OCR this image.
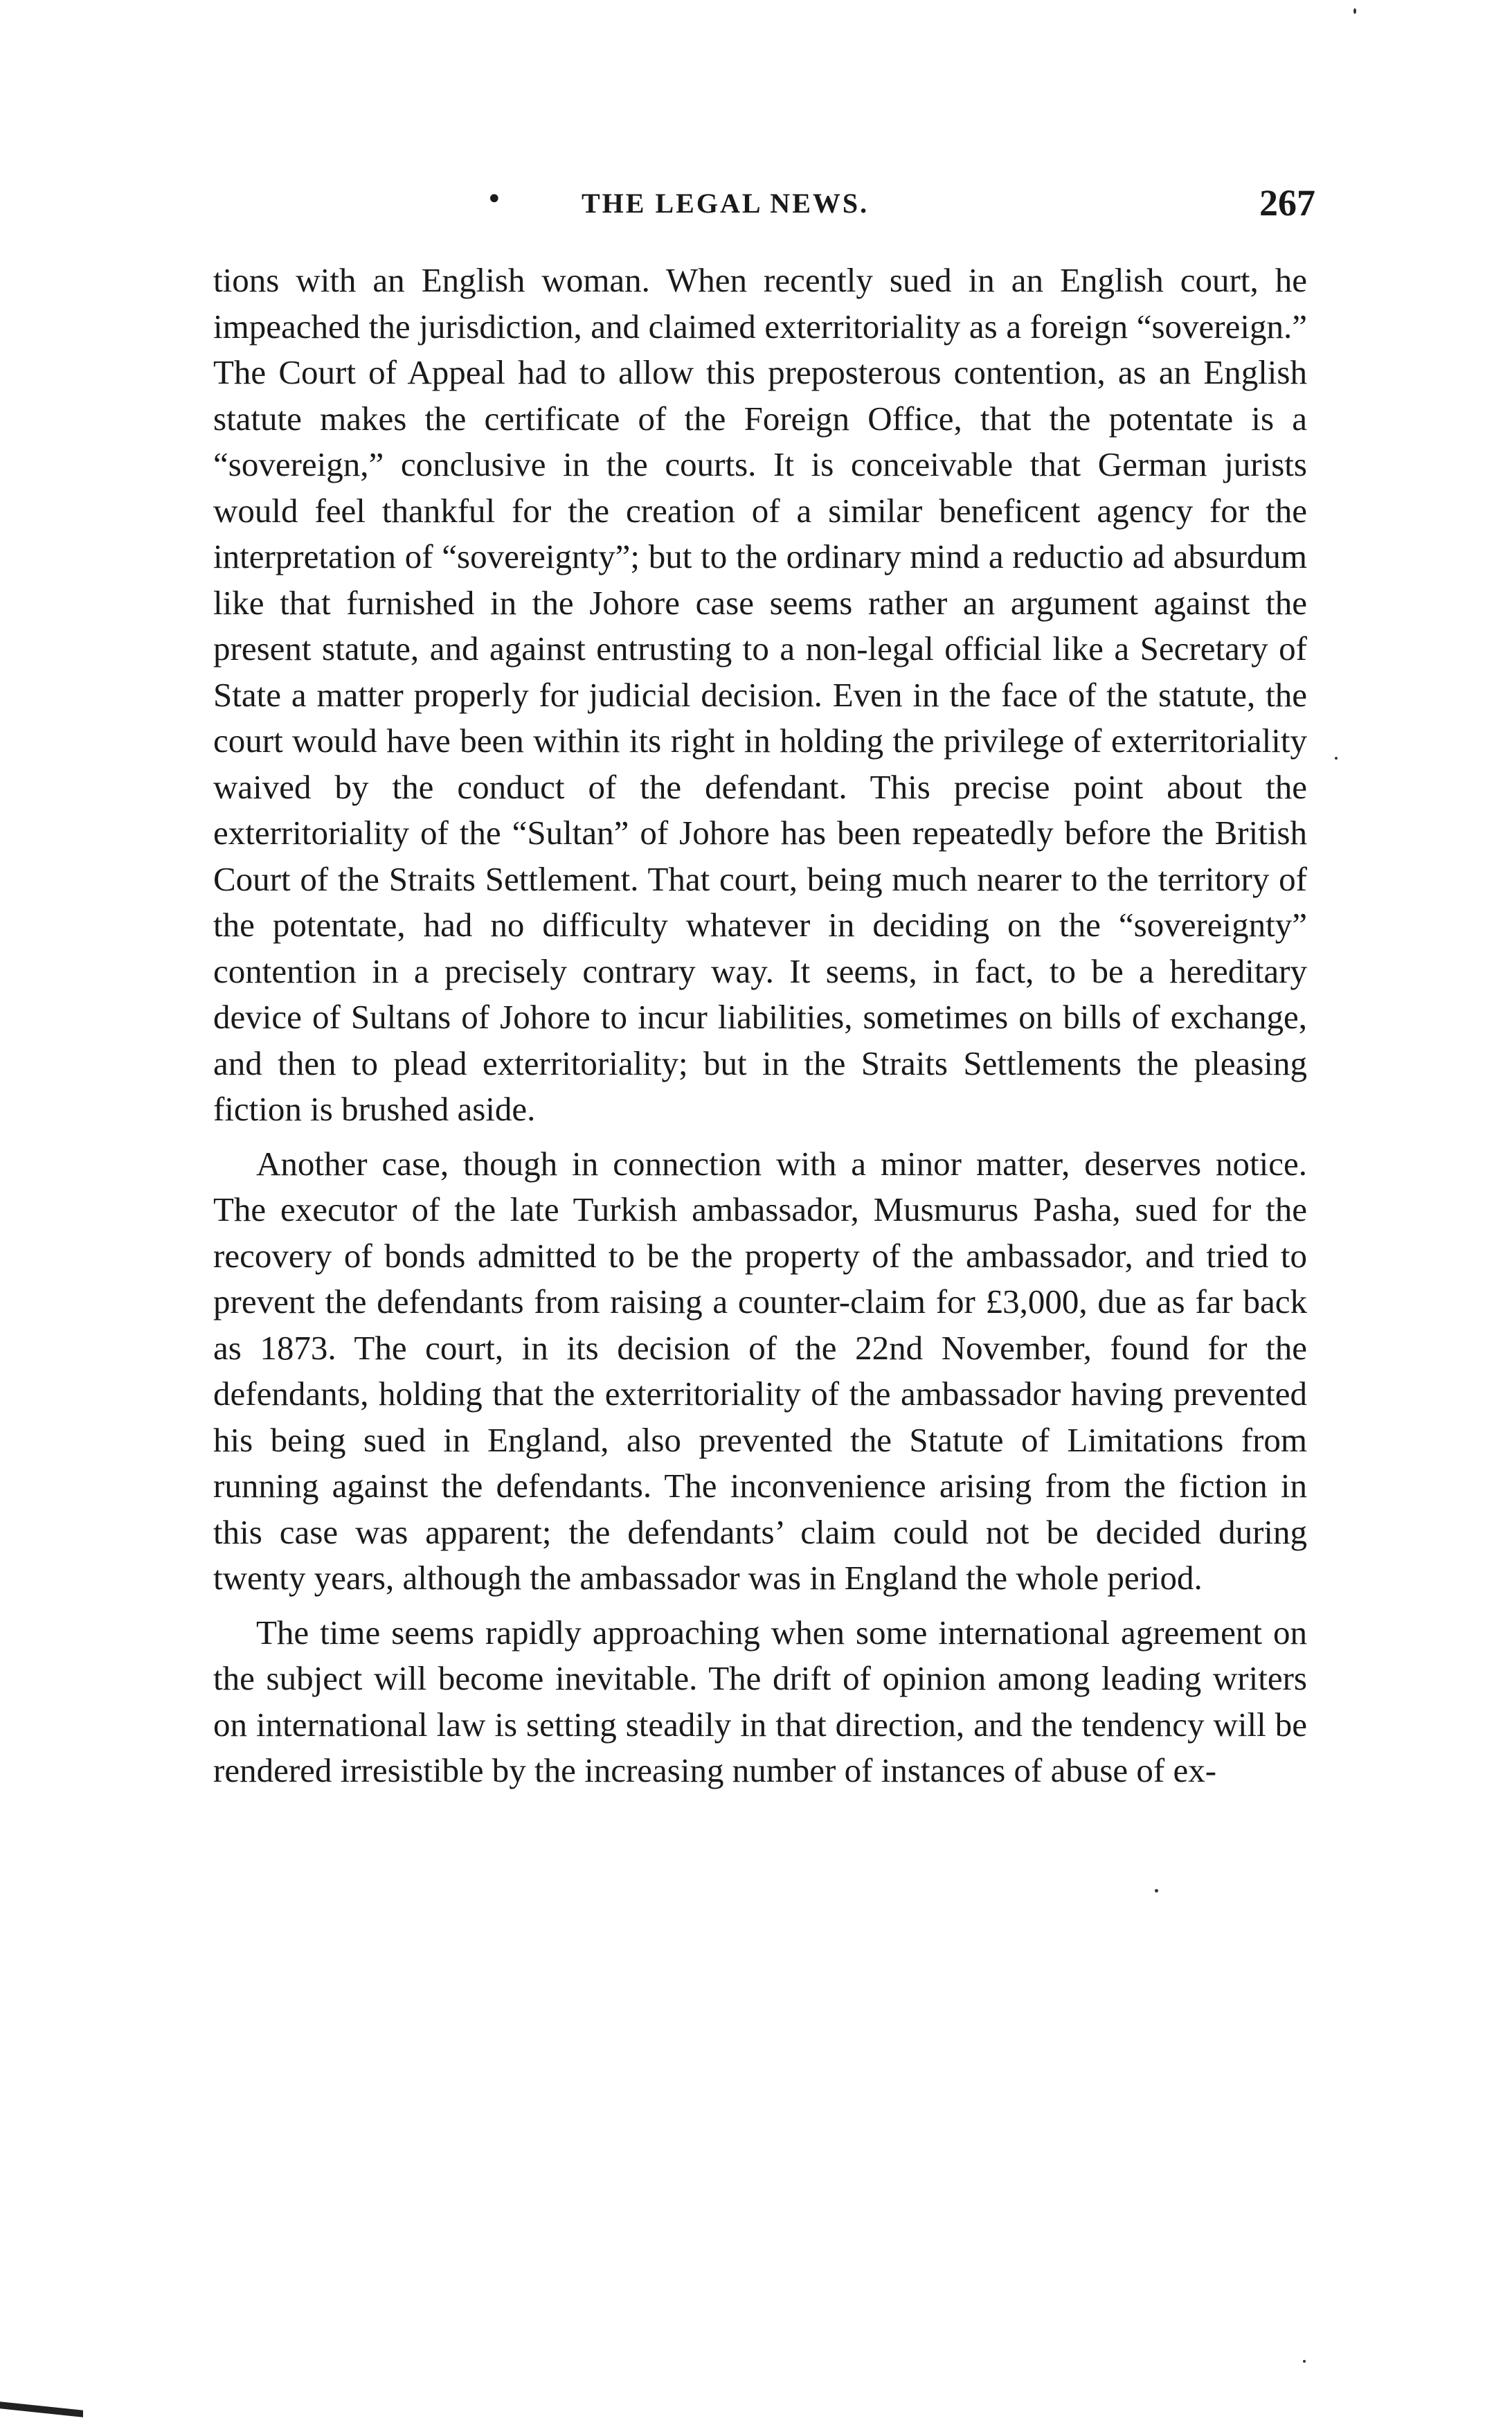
•	THE LEGAL NEWS.	267

tions with an English woman. When recently sued in an English court, he impeached the jurisdiction, and claimed exterritoriality as a foreign “sovereign.” The Court of Appeal had to allow this preposterous contention, as an English statute makes the certificate of the Foreign Office, that the potentate is a “sovereign,” conclusive in the courts. It is conceivable that German jurists would feel thankful for the creation of a similar beneficent agency for the interpretation of “sovereignty”; but to the ordinary mind a reductio ad absurdum like that furnished in the Johore case seems rather an argument against the present statute, and against entrusting to a non-legal official like a Secretary of State a matter properly for judicial decision. Even in the face of the statute, the court would have been within its right in holding the privilege of exterritoriality waived by the conduct of the defendant. This precise point about the exterritoriality of the “Sultan” of Johore has been repeatedly before the British Court of the Straits Settlement. That court, being much nearer to the territory of the potentate, had no difficulty whatever in deciding on the “sovereignty” contention in a precisely contrary way. It seems, in fact, to be a hereditary device of Sultans of Johore to incur liabilities, sometimes on bills of exchange, and then to plead exterritoriality; but in the Straits Settlements the pleasing fiction is brushed aside.

Another case, though in connection with a minor matter, deserves notice. The executor of the late Turkish ambassador, Musmurus Pasha, sued for the recovery of bonds admitted to be the property of the ambassador, and tried to prevent the defendants from raising a counter-claim for £3,000, due as far back as 1873. The court, in its decision of the 22nd November, found for the defendants, holding that the exterritoriality of the ambassador having prevented his being sued in England, also prevented the Statute of Limitations from running against the defendants. The inconvenience arising from the fiction in this case was apparent; the defendants’ claim could not be decided during twenty years, although the ambassador was in England the whole period.

The time seems rapidly approaching when some international agreement on the subject will become inevitable. The drift of opinion among leading writers on international law is setting steadily in that direction, and the tendency will be rendered irresistible by the increasing number of instances of abuse of ex-
